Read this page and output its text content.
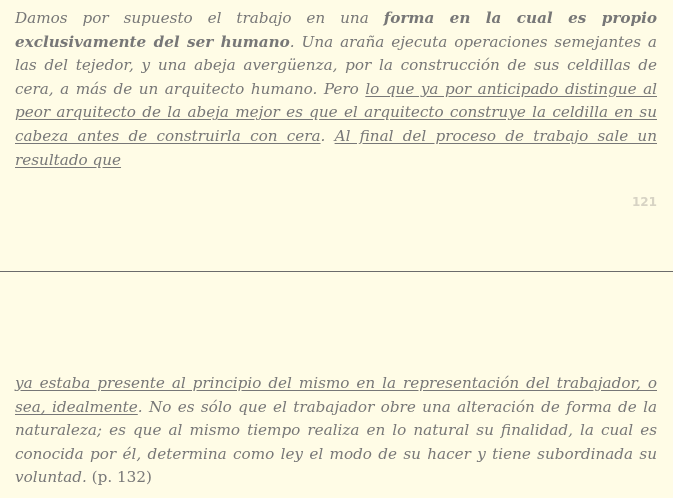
Damos por supuesto el trabajo en una forma en la cual es propio exclusivamente del ser humano. Una araña ejecuta operaciones semejantes a las del tejedor, y una abeja avergüenza, por la construcción de sus celdillas de cera, a más de un arquitecto humano. Pero lo que ya por anticipado distingue al peor arquitecto de la abeja mejor es que el arquitecto construye la celdilla en su cabeza antes de construirla con cera. Al final del proceso de trabajo sale un resultado que

121

ya estaba presente al principio del mismo en la representación del trabajador, o sea, idealmente. No es sólo que el trabajador obre una alteración de forma de la naturaleza; es que al mismo tiempo realiza en lo natural su finalidad, la cual es conocida por él, determina como ley el modo de su hacer y tiene subordinada su voluntad. (p. 132)
